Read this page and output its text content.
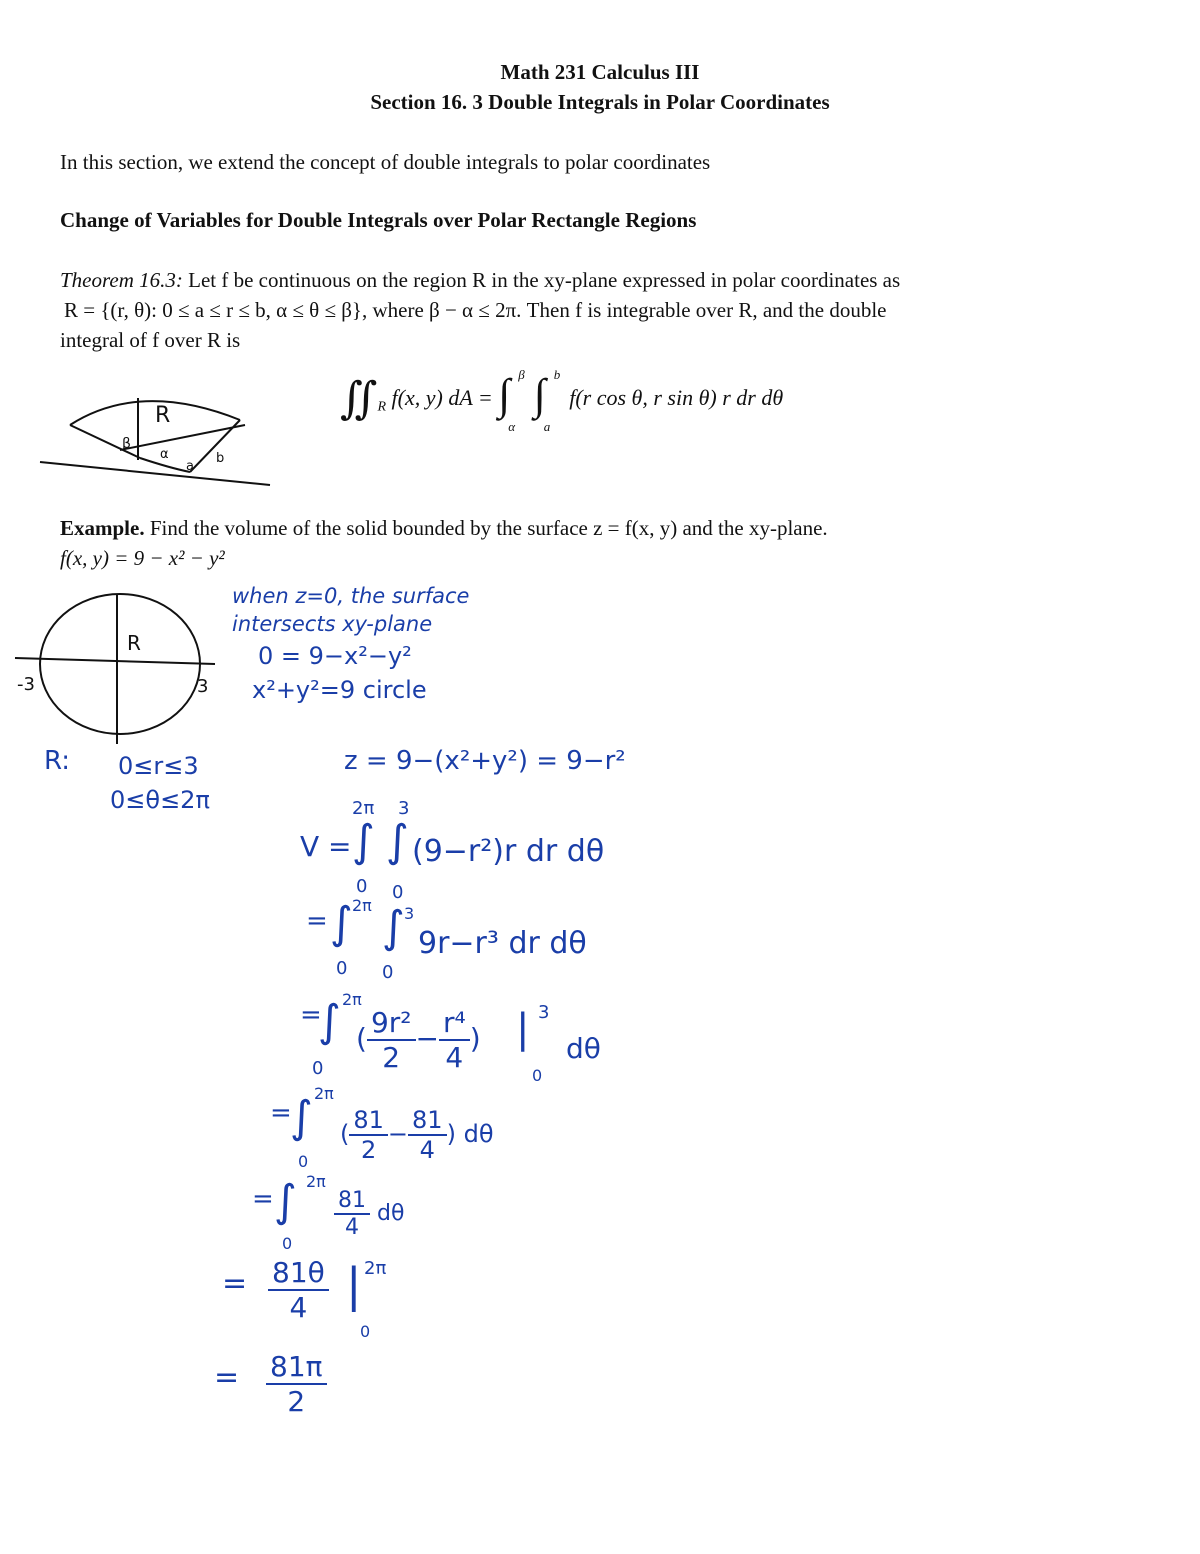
Math 231 Calculus III
Section 16. 3 Double Integrals in Polar Coordinates
In this section, we extend the concept of double integrals to polar coordinates
Change of Variables for Double Integrals over Polar Rectangle Regions
Theorem 16.3: Let f be continuous on the region R in the xy-plane expressed in polar coordinates as
R = {(r, θ): 0 ≤ a ≤ r ≤ b, α ≤ θ ≤ β}, where β − α ≤ 2π. Then f is integrable over R, and the double
integral of f over R is
$∬_R$ f(x, y) dA = ∫ β
α

∫ b
a
f(r cos θ, r sin θ) r dr dθ
R
β
α
a
b
Example. Find the volume of the solid bounded by the surface z = f(x, y) and the xy-plane.
f(x, y) = 9 − x² − y²
when z=0, the surface
intersects xy-plane
0 = 9−x²−y²
x²+y²=9 circle
R
-3	3
R: 0≤r≤3
0≤θ≤2π
z = 9−(x²+y²) = 9−r²
V =
2π 3
∫ ∫
0 0
(9−r²)r dr dθ
= ∫ 2π ∫ 3
0 0
9r−r³ dr dθ
=
∫ 2π
0
( $\frac{\text{9r²}}{2} - \frac{\text{r⁴}}{4}$ ) | 3
0
dθ
=
∫ 2π
0
( $\frac{81}{2} - \frac{81}{4}$ ) dθ
= ∫ 2π
0
$\frac{81}{4}$ dθ
= $\frac{81\theta}{4}$ | 2π
0
= $\frac{81\pi}{2}$
